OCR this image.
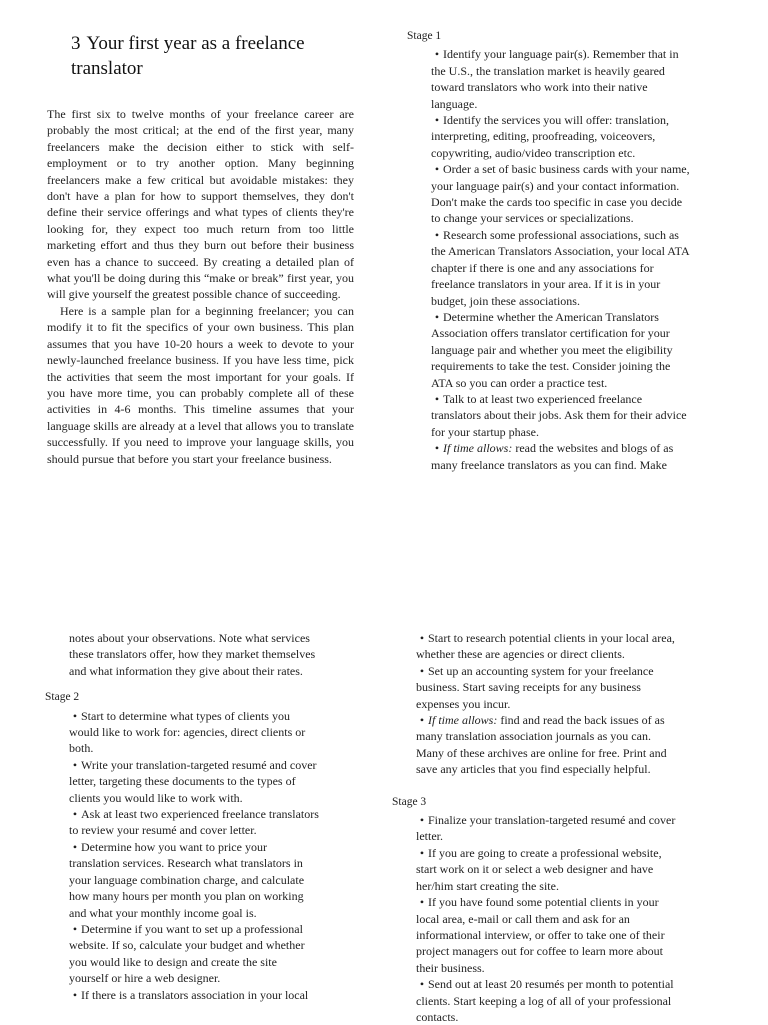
3 Your first year as a freelance translator

The first six to twelve months of your freelance career are probably the most critical; at the end of the first year, many freelancers make the decision either to stick with self-employment or to try another option. Many beginning freelancers make a few critical but avoidable mistakes: they don't have a plan for how to support themselves, they don't define their service offerings and what types of clients they're looking for, they expect too much return from too little marketing effort and thus they burn out before their business even has a chance to succeed. By creating a detailed plan of what you'll be doing during this “make or break” first year, you will give yourself the greatest possible chance of succeeding.

Here is a sample plan for a beginning freelancer; you can modify it to fit the specifics of your own business. This plan assumes that you have 10-20 hours a week to devote to your newly-launched freelance business. If you have less time, pick the activities that seem the most important for your goals. If you have more time, you can probably complete all of these activities in 4-6 months. This timeline assumes that your language skills are already at a level that allows you to translate successfully. If you need to improve your language skills, you should pursue that before you start your freelance business.

Stage 1
• Identify your language pair(s). Remember that in the U.S., the translation market is heavily geared toward translators who work into their native language.
• Identify the services you will offer: translation, interpreting, editing, proofreading, voiceovers, copywriting, audio/video transcription etc.
• Order a set of basic business cards with your name, your language pair(s) and your contact information. Don't make the cards too specific in case you decide to change your services or specializations.
• Research some professional associations, such as the American Translators Association, your local ATA chapter if there is one and any associations for freelance translators in your area. If it is in your budget, join these associations.
• Determine whether the American Translators Association offers translator certification for your language pair and whether you meet the eligibility requirements to take the test. Consider joining the ATA so you can order a practice test.
• Talk to at least two experienced freelance translators about their jobs. Ask them for their advice for your startup phase.
• If time allows: read the websites and blogs of as many freelance translators as you can find. Make
notes about your observations. Note what services these translators offer, how they market themselves and what information they give about their rates.
Stage 2
• Start to determine what types of clients you would like to work for: agencies, direct clients or both.
• Write your translation-targeted resumé and cover letter, targeting these documents to the types of clients you would like to work with.
• Ask at least two experienced freelance translators to review your resumé and cover letter.
• Determine how you want to price your translation services. Research what translators in your language combination charge, and calculate how many hours per month you plan on working and what your monthly income goal is.
• Determine if you want to set up a professional website. If so, calculate your budget and whether you would like to design and create the site yourself or hire a web designer.
• If there is a translators association in your local
• Start to research potential clients in your local area, whether these are agencies or direct clients.
• Set up an accounting system for your freelance business. Start saving receipts for any business expenses you incur.
• If time allows: find and read the back issues of as many translation association journals as you can. Many of these archives are online for free. Print and save any articles that you find especially helpful.
Stage 3
• Finalize your translation-targeted resumé and cover letter.
• If you are going to create a professional website, start work on it or select a web designer and have her/him start creating the site.
• If you have found some potential clients in your local area, e-mail or call them and ask for an informational interview, or offer to take one of their project managers out for coffee to learn more about their business.
• Send out at least 20 resumés per month to potential clients. Start keeping a log of all of your professional contacts.
